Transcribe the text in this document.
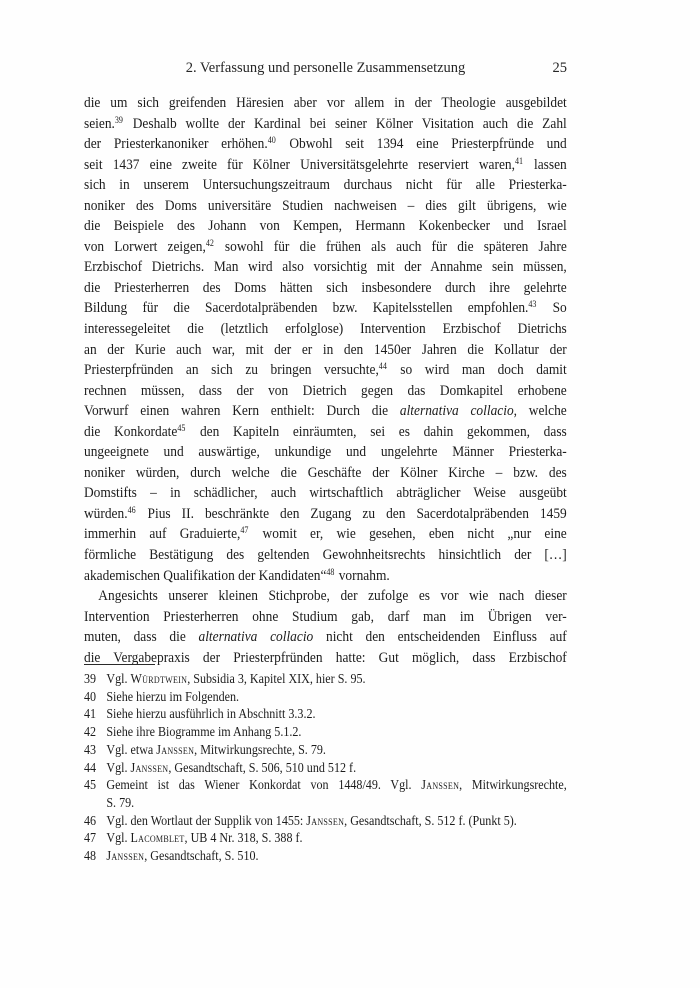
2. Verfassung und personelle Zusammensetzung	25
die um sich greifenden Häresien aber vor allem in der Theologie ausgebildet
seien.$^{39}$ Deshalb wollte der Kardinal bei seiner Kölner Visitation auch die Zahl
der Priesterkanoniker erhöhen.$^{40}$ Obwohl seit 1394 eine Priesterpfründe und
seit 1437 eine zweite für Kölner Universitätsgelehrte reserviert waren,$^{41}$ lassen
sich in unserem Untersuchungszeitraum durchaus nicht für alle Priesterka-
noniker des Doms universitäre Studien nachweisen – dies gilt übrigens, wie
die Beispiele des Johann von Kempen, Hermann Kokenbecker und Israel
von Lorwert zeigen,$^{42}$ sowohl für die frühen als auch für die späteren Jahre
Erzbischof Dietrichs. Man wird also vorsichtig mit der Annahme sein müssen,
die Priesterherren des Doms hätten sich insbesondere durch ihre gelehrte
Bildung für die Sacerdotalpräbenden bzw. Kapitelsstellen empfohlen.$^{43}$ So
interessegeleitet die (letztlich erfolglose) Intervention Erzbischof Dietrichs
an der Kurie auch war, mit der er in den 1450er Jahren die Kollatur der
Priesterpfründen an sich zu bringen versuchte,$^{44}$ so wird man doch damit
rechnen müssen, dass der von Dietrich gegen das Domkapitel erhobene
Vorwurf einen wahren Kern enthielt: Durch die alternativa collacio, welche
die Konkordate$^{45}$ den Kapiteln einräumten, sei es dahin gekommen, dass
ungeeignete und auswärtige, unkundige und ungelehrte Männer Priesterka-
noniker würden, durch welche die Geschäfte der Kölner Kirche – bzw. des
Domstifts – in schädlicher, auch wirtschaftlich abträglicher Weise ausgeübt
würden.$^{46}$ Pius II. beschränkte den Zugang zu den Sacerdotalpräbenden 1459
immerhin auf Graduierte,$^{47}$ womit er, wie gesehen, eben nicht „nur eine
förmliche Bestätigung des geltenden Gewohnheitsrechts hinsichtlich der […]
akademischen Qualifikation der Kandidaten“$^{48}$ vornahm.
Angesichts unserer kleinen Stichprobe, der zufolge es vor wie nach dieser
Intervention Priesterherren ohne Studium gab, darf man im Übrigen ver-
muten, dass die alternativa collacio nicht den entscheidenden Einfluss auf
die Vergabepraxis der Priesterpfründen hatte: Gut möglich, dass Erzbischof
39 Vgl. Würdtwein, Subsidia 3, Kapitel XIX, hier S. 95.
40 Siehe hierzu im Folgenden.
41 Siehe hierzu ausführlich in Abschnitt 3.3.2.
42 Siehe ihre Biogramme im Anhang 5.1.2.
43 Vgl. etwa Janssen, Mitwirkungsrechte, S. 79.
44 Vgl. Janssen, Gesandtschaft, S. 506, 510 und 512 f.
45 Gemeint ist das Wiener Konkordat von 1448/49. Vgl. Janssen, Mitwirkungsrechte,
S. 79.
46 Vgl. den Wortlaut der Supplik von 1455: Janssen, Gesandtschaft, S. 512 f. (Punkt 5).
47 Vgl. Lacomblet, UB 4 Nr. 318, S. 388 f.
48 Janssen, Gesandtschaft, S. 510.
